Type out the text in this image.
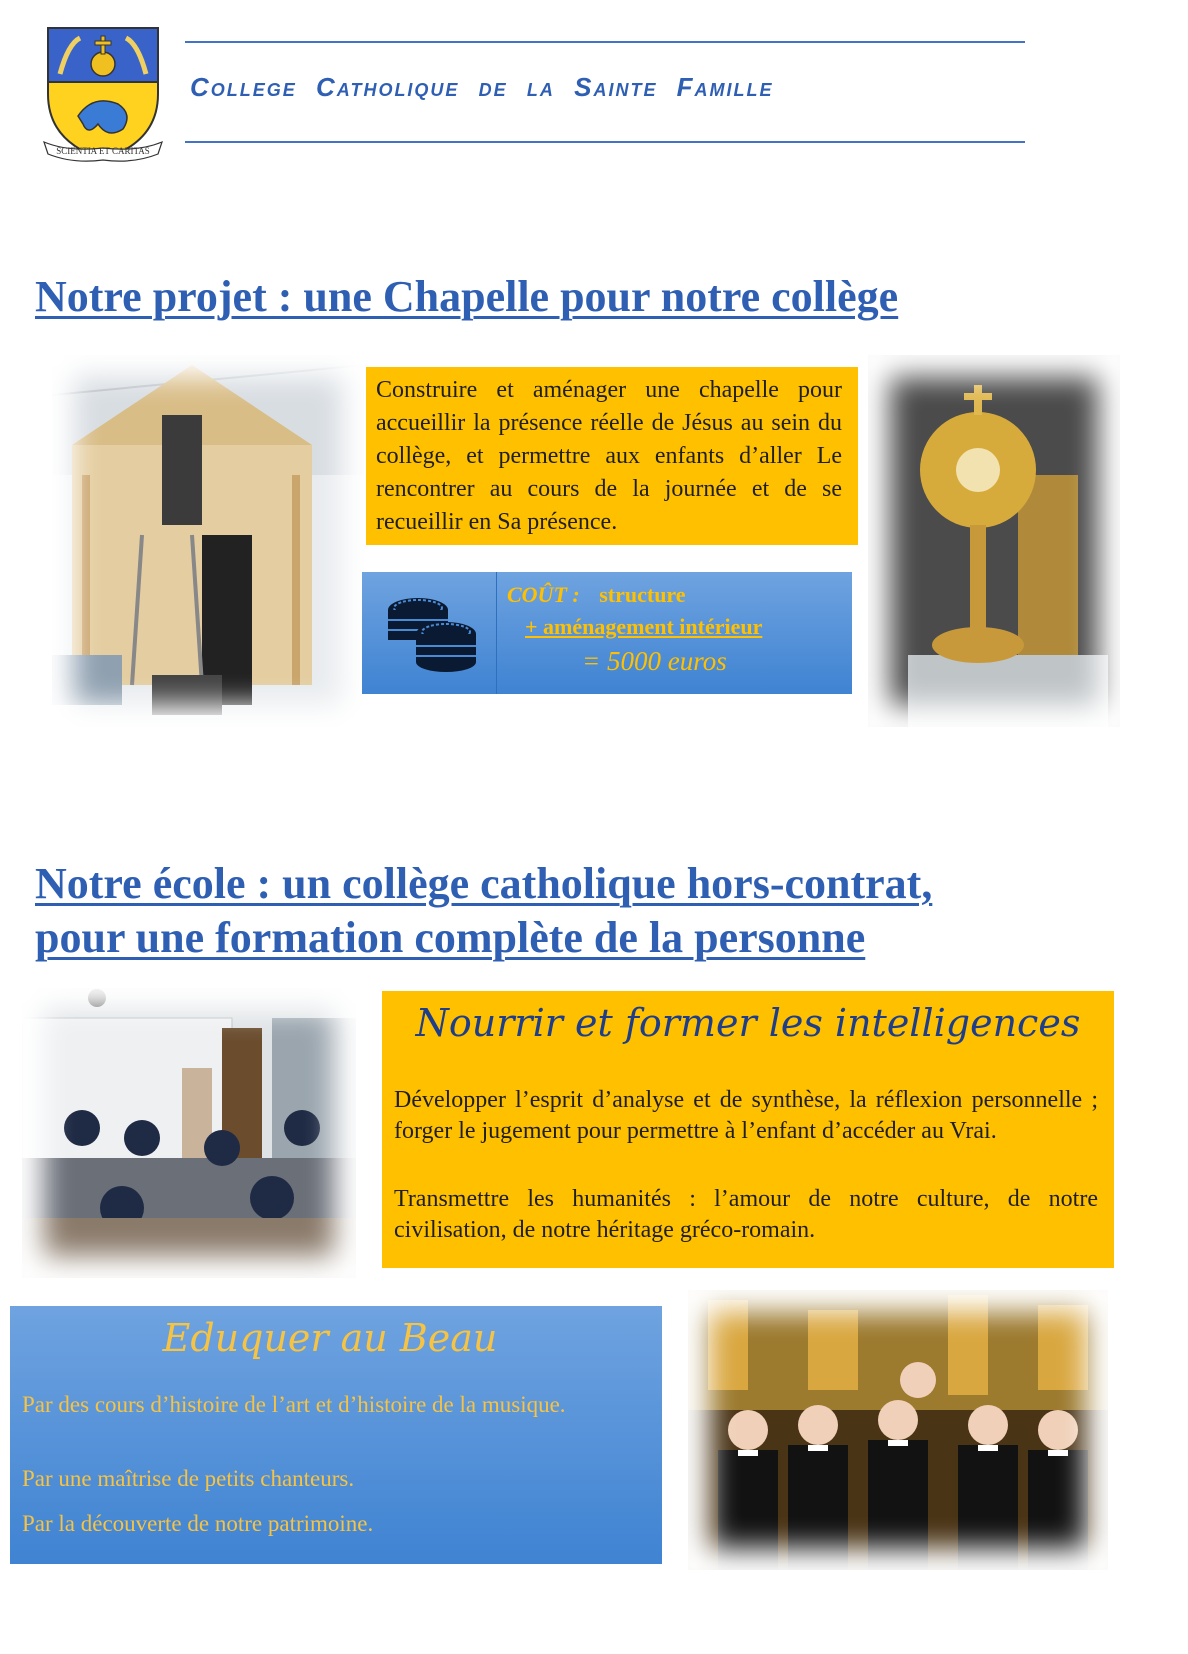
SCIENTIA ET CARITAS
College Catholique de la Sainte Famille
Notre projet : une Chapelle pour notre collège
Construire et aménager une chapelle pour accueillir la présence réelle de Jésus au sein du collège, et permettre aux enfants d’aller Le rencontrer au cours de la journée et de se recueillir en Sa présence.
COÛT : structure
+ aménagement intérieur
= 5000 euros
Notre école : un collège catholique hors-contrat,
pour une formation complète de la personne
Nourrir et former les intelligences
Développer l’esprit d’analyse et de synthèse, la réflexion personnelle ; forger le jugement pour permettre à l’enfant d’accéder au Vrai.
Transmettre les humanités : l’amour de notre culture, de notre civilisation, de notre héritage gréco-romain.
Eduquer au Beau
Par des cours d’histoire de l’art et d’histoire de la musique.
Par une maîtrise de petits chanteurs.
Par la découverte de notre patrimoine.
